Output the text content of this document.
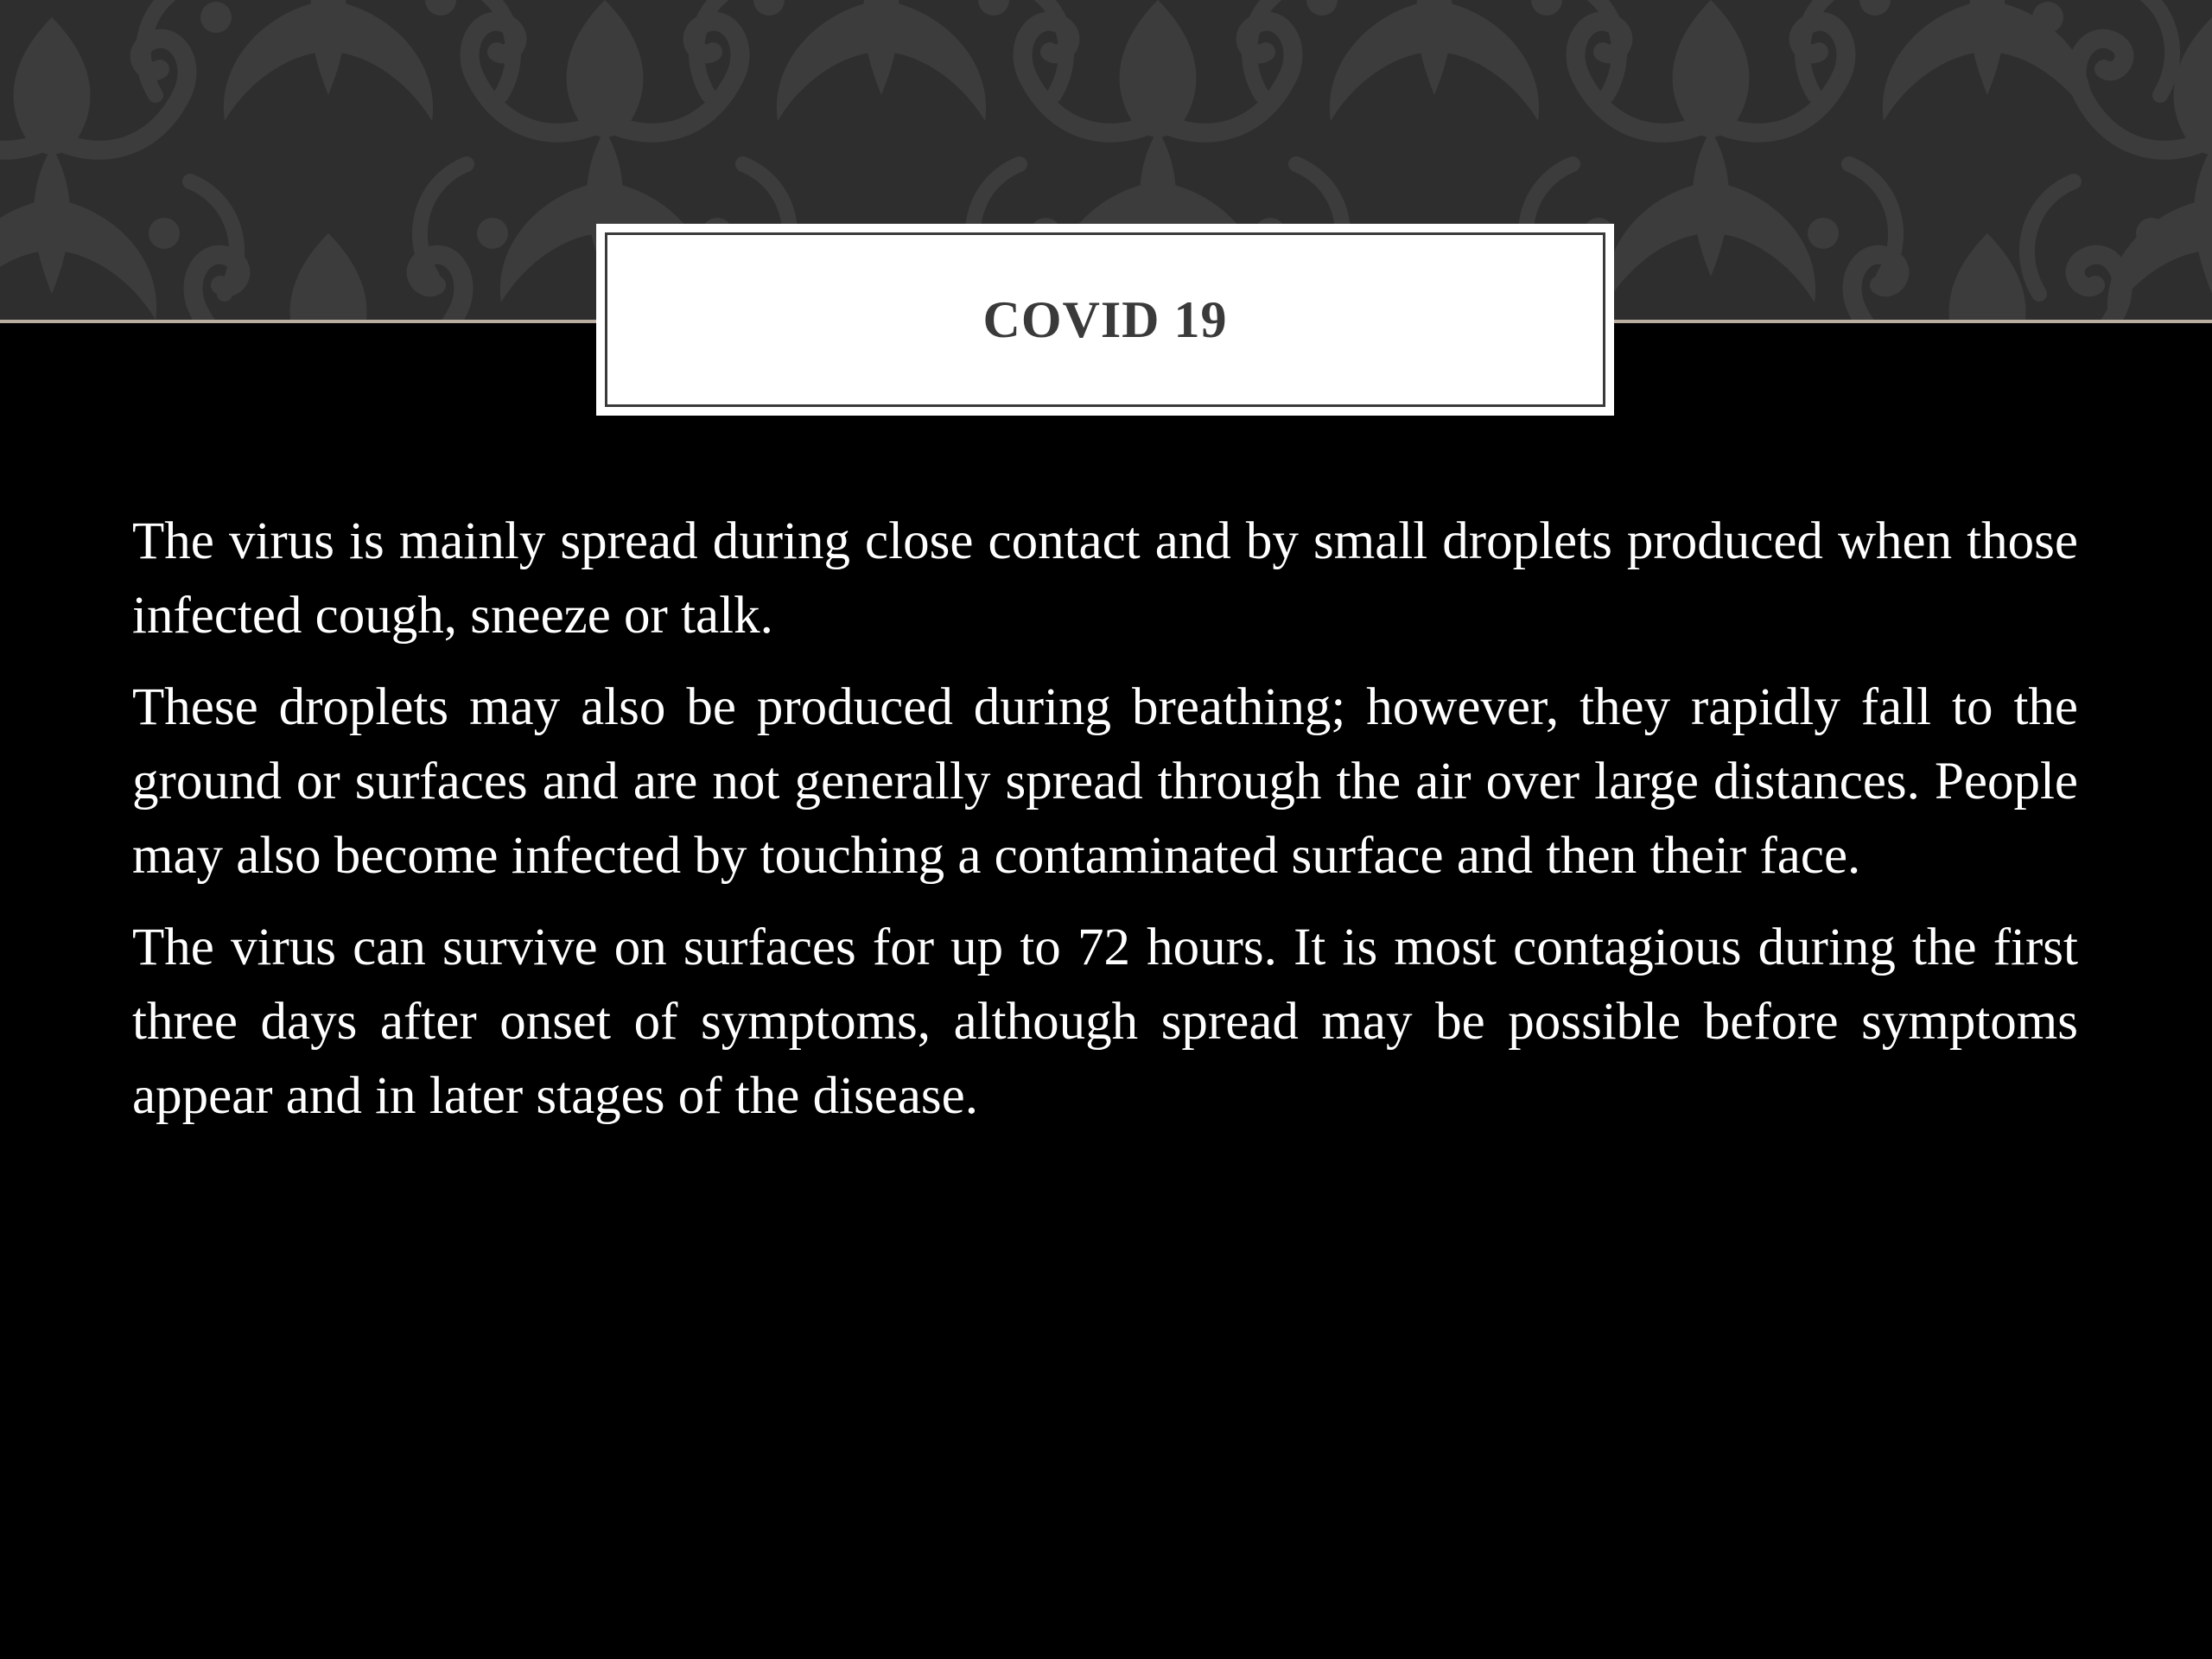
COVID 19

The virus is mainly spread during close contact and by small droplets produced when those infected cough, sneeze or talk.

These droplets may also be produced during breathing; however, they rapidly fall to the ground or surfaces and are not generally spread through the air over large distances. People may also become infected by touching a contaminated surface and then their face.

The virus can survive on surfaces for up to 72 hours. It is most contagious during the first three days after onset of symptoms, although spread may be possible before symptoms appear and in later stages of the disease.
